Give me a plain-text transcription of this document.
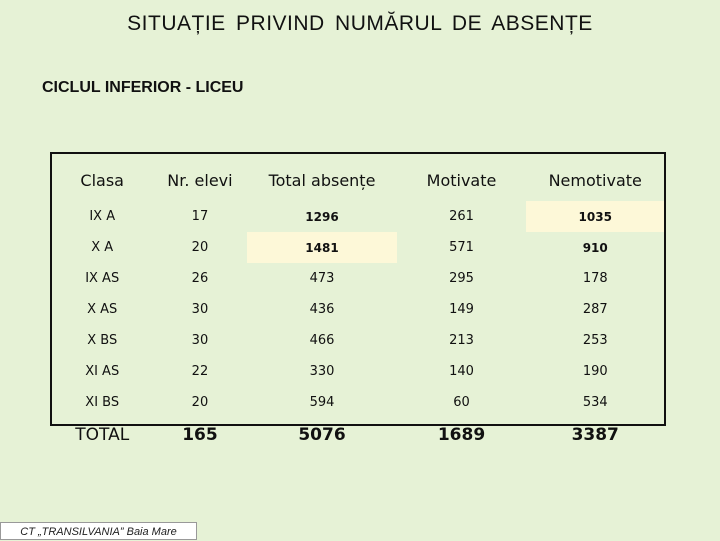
SITUAȚIE PRIVIND NUMĂRUL DE ABSENȚE
CICLUL INFERIOR - LICEU
Clasa	Nr. elevi	Total absențe	Motivate	Nemotivate
IX A	17	1296	261	1035
X A	20	1481	571	910
IX AS	26	473	295	178
X AS	30	436	149	287
X BS	30	466	213	253
XI AS	22	330	140	190
XI BS	20	594	60	534
TOTAL	165	5076	1689	3387
CT „TRANSILVANIA” Baia Mare
